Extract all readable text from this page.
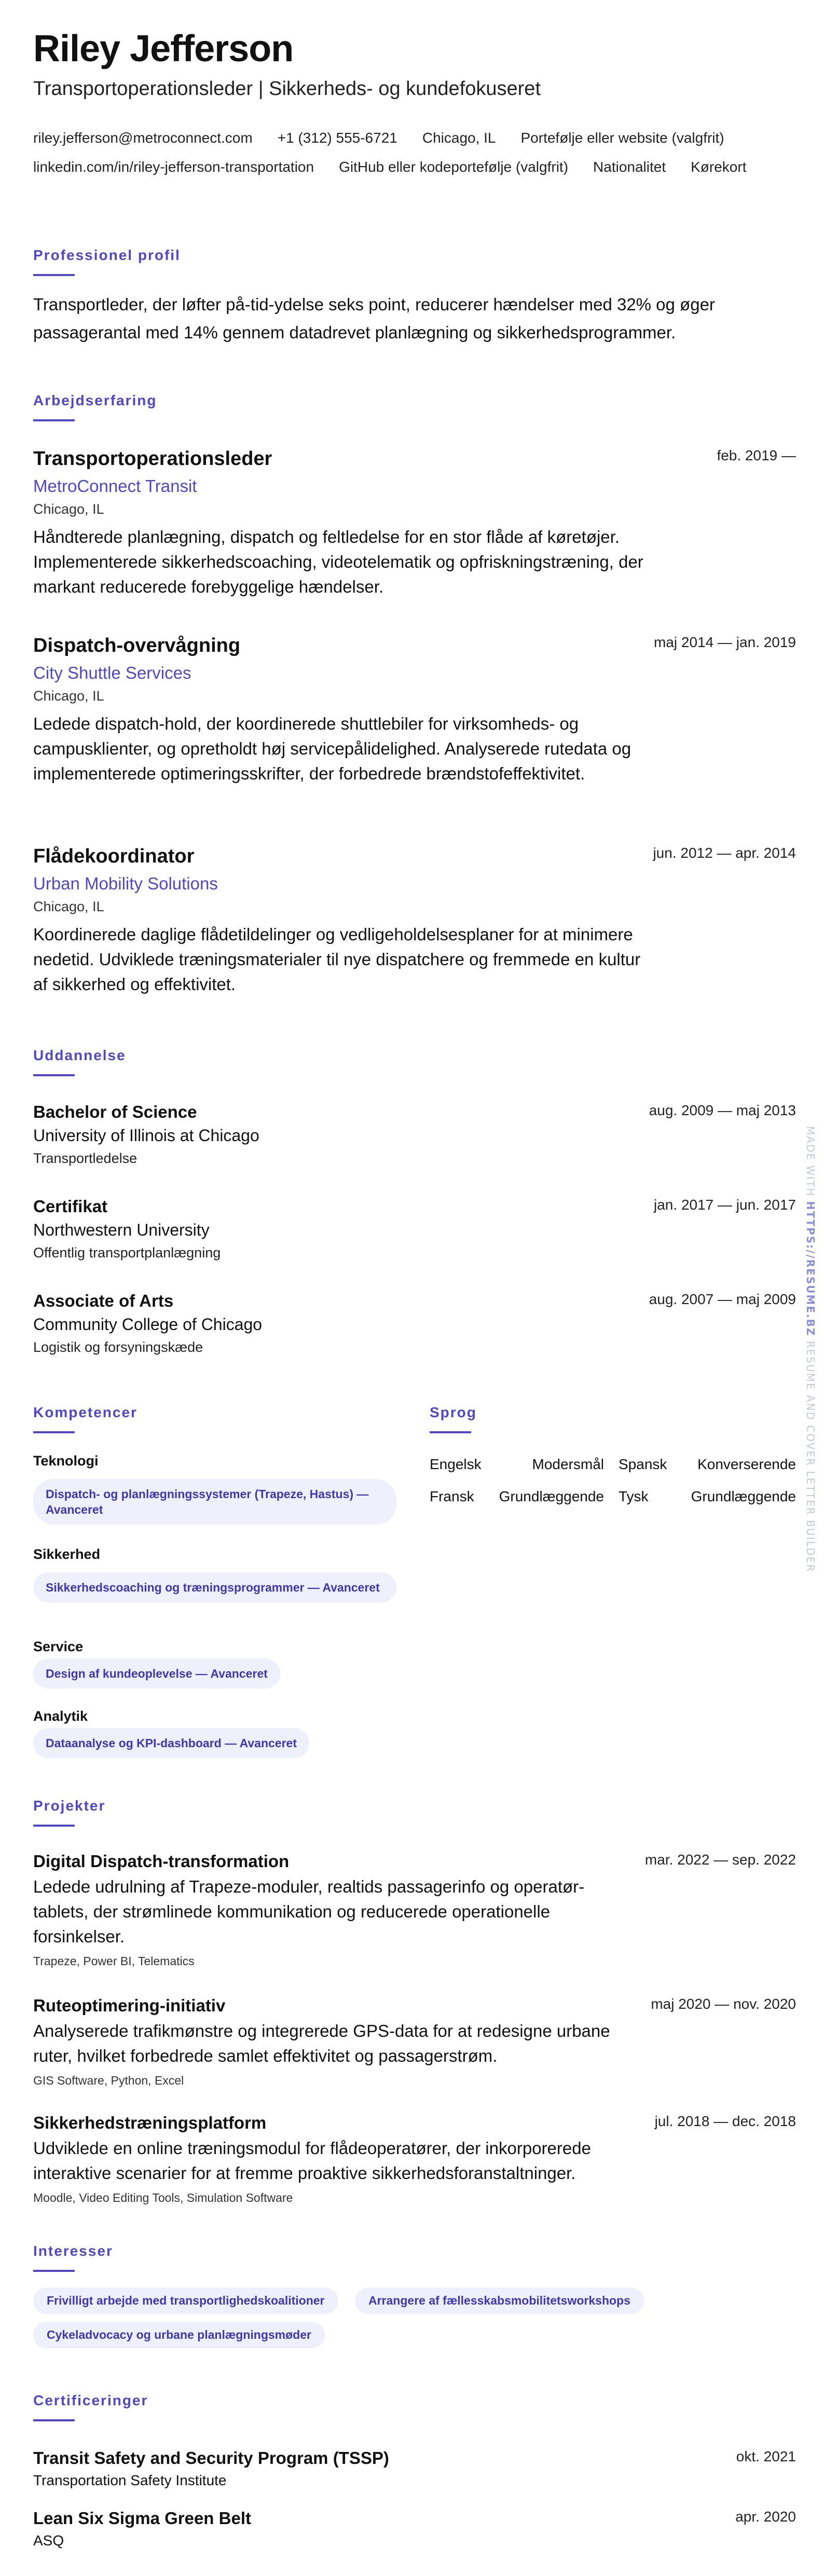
Riley Jefferson
Transportoperationsleder | Sikkerheds- og kundefokuseret
riley.jefferson@metroconnect.com +1 (312) 555-6721 Chicago, IL Portefølje eller website (valgfrit)linkedin.com/in/riley-jefferson-transportation GitHub eller kodeportefølje (valgfrit) Nationalitet Kørekort
Professionel profil
Transportleder, der løfter på-tid-ydelse seks point, reducerer hændelser med 32% og øger passagerantal med 14% gennem datadrevet planlægning og sikkerhedsprogrammer.
Arbejdserfaring
Transportoperationsleder
MetroConnect Transit
Chicago, IL
Håndterede planlægning, dispatch og feltledelse for en stor flåde af køretøjer. Implementerede sikkerhedscoaching, videotelematik og opfriskningstræning, der markant reducerede forebyggelige hændelser.
feb. 2019 —
Dispatch-overvågning
City Shuttle Services
Chicago, IL
Ledede dispatch-hold, der koordinerede shuttlebiler for virksomheds- og campusklienter, og opretholdt høj servicepålidelighed. Analyserede rutedata og implementerede optimeringsskrifter, der forbedrede brændstofeffektivitet.
maj 2014 — jan. 2019
Flådekoordinator
Urban Mobility Solutions
Chicago, IL
Koordinerede daglige flådetildelinger og vedligeholdelsesplaner for at minimere nedetid. Udviklede træningsmaterialer til nye dispatchere og fremmede en kultur af sikkerhed og effektivitet.
jun. 2012 — apr. 2014
Uddannelse
Bachelor of Science
University of Illinois at Chicago
Transportledelse
aug. 2009 — maj 2013
Certifikat
Northwestern University
Offentlig transportplanlægning
jan. 2017 — jun. 2017
Associate of Arts
Community College of Chicago
Logistik og forsyningskæde
aug. 2007 — maj 2009
Kompetencer
Teknologi
Dispatch- og planlægningssystemer (Trapeze, Hastus) — Avanceret
Sikkerhed
Sikkerhedscoaching og træningsprogrammer — Avanceret
Service
Design af kundeoplevelse — Avanceret
Analytik
Dataanalyse og KPI-dashboard — Avanceret
Sprog
Engelsk	Modersmål Spansk Konverserende
Fransk Grundlæggende Tysk	Grundlæggende
Projekter
Digital Dispatch-transformation
Ledede udrulning af Trapeze-moduler, realtids passagerinfo og operatør-tablets, der strømlinede kommunikation og reducerede operationelle forsinkelser.
Trapeze, Power BI, Telematics
mar. 2022 — sep. 2022
Ruteoptimering-initiativ
Analyserede trafikmønstre og integrerede GPS-data for at redesigne urbane ruter, hvilket forbedrede samlet effektivitet og passagerstrøm.
GIS Software, Python, Excel
maj 2020 — nov. 2020
Sikkerhedstræningsplatform
Udviklede en online træningsmodul for flådeoperatører, der inkorporerede interaktive scenarier for at fremme proaktive sikkerhedsforanstaltninger.
Moodle, Video Editing Tools, Simulation Software
jul. 2018 — dec. 2018
Interesser
Frivilligt arbejde med transportlighedskoalitioner	Arrangere af fællesskabsmobilitetsworkshops
Cykeladvocacy og urbane planlægningsmøder
Certificeringer
Transit Safety and Security Program (TSSP)
Transportation Safety Institute
okt. 2021
Lean Six Sigma Green Belt
ASQ
apr. 2020
MADE WITH HTTPS://RESUME.BZ RESUME AND COVER LETTER BUILDER
